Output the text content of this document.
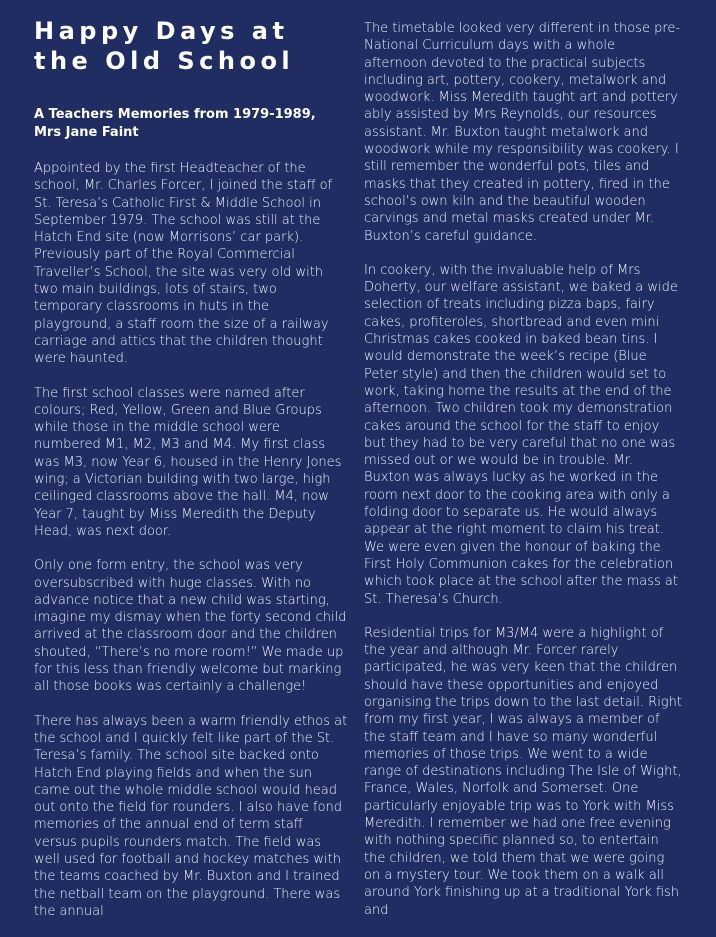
Happy Days at
the Old School
A Teachers Memories from 1979-1989,
Mrs Jane Faint

Appointed by the first Headteacher of the school, Mr. Charles Forcer, I joined the staff of St. Teresa’s Catholic First & Middle School in September 1979. The school was still at the Hatch End site (now Morrisons’ car park). Previously part of the Royal Commercial Traveller’s School, the site was very old with two main buildings, lots of stairs, two temporary classrooms in huts in the playground, a staff room the size of a railway carriage and attics that the children thought were haunted.

The first school classes were named after colours; Red, Yellow, Green and Blue Groups while those in the middle school were numbered M1, M2, M3 and M4. My first class was M3, now Year 6, housed in the Henry Jones wing; a Victorian building with two large, high ceilinged classrooms above the hall. M4, now Year 7, taught by Miss Meredith the Deputy Head, was next door.

Only one form entry, the school was very oversubscribed with huge classes. With no advance notice that a new child was starting, imagine my dismay when the forty second child arrived at the classroom door and the children shouted, “There’s no more room!” We made up for this less than friendly welcome but marking all those books was certainly a challenge!

There has always been a warm friendly ethos at the school and I quickly felt like part of the St. Teresa’s family. The school site backed onto Hatch End playing fields and when the sun came out the whole middle school would head out onto the field for rounders. I also have fond memories of the annual end of term staff versus pupils rounders match. The field was well used for football and hockey matches with the teams coached by Mr. Buxton and I trained the netball team on the playground. There was the annual

The timetable looked very different in those pre-National Curriculum days with a whole afternoon devoted to the practical subjects including art, pottery, cookery, metalwork and woodwork. Miss Meredith taught art and pottery ably assisted by Mrs Reynolds, our resources assistant. Mr. Buxton taught metalwork and woodwork while my responsibility was cookery. I still remember the wonderful pots, tiles and masks that they created in pottery, fired in the school’s own kiln and the beautiful wooden carvings and metal masks created under Mr. Buxton’s careful guidance.

In cookery, with the invaluable help of Mrs Doherty, our welfare assistant, we baked a wide selection of treats including pizza baps, fairy cakes, profiteroles, shortbread and even mini Christmas cakes cooked in baked bean tins. I would demonstrate the week’s recipe (Blue Peter style) and then the children would set to work, taking home the results at the end of the afternoon. Two children took my demonstration cakes around the school for the staff to enjoy but they had to be very careful that no one was missed out or we would be in trouble. Mr. Buxton was always lucky as he worked in the room next door to the cooking area with only a folding door to separate us. He would always appear at the right moment to claim his treat. We were even given the honour of baking the First Holy Communion cakes for the celebration which took place at the school after the mass at St. Theresa’s Church.

Residential trips for M3/M4 were a highlight of the year and although Mr. Forcer rarely participated, he was very keen that the children should have these opportunities and enjoyed organising the trips down to the last detail. Right from my first year, I was always a member of the staff team and I have so many wonderful memories of those trips. We went to a wide range of destinations including The Isle of Wight, France, Wales, Norfolk and Somerset. One particularly enjoyable trip was to York with Miss Meredith. I remember we had one free evening with nothing specific planned so, to entertain the children, we told them that we were going on a mystery tour. We took them on a walk all around York finishing up at a traditional York fish and
